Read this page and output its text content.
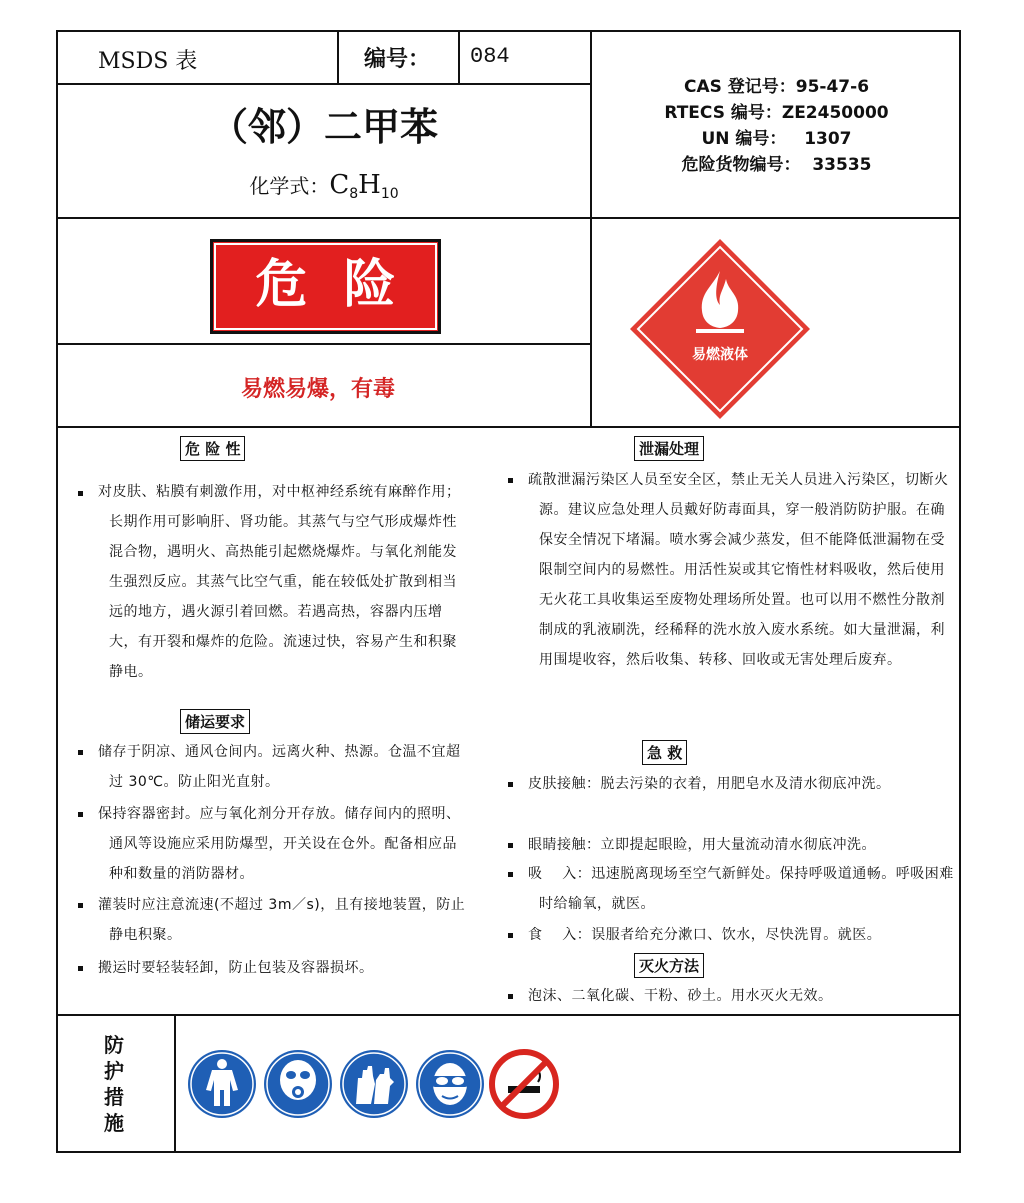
MSDS 表	编号： 084
（邻）二甲苯
化学式：$C_8H_{10}$
CAS 登记号：95-47-6
RTECS 编号：ZE2450000
UN 编号：   1307
危险货物编号：  33535
危  险
易燃易爆，有毒
易燃液体
危 险 性
对皮肤、粘膜有刺激作用，对中枢神经系统有麻醉作用；长期作用可影响肝、肾功能。其蒸气与空气形成爆炸性混合物，遇明火、高热能引起燃烧爆炸。与氧化剂能发生强烈反应。其蒸气比空气重，能在较低处扩散到相当远的地方，遇火源引着回燃。若遇高热，容器内压增大，有开裂和爆炸的危险。流速过快，容易产生和积聚静电。
储运要求
储存于阴凉、通风仓间内。远离火种、热源。仓温不宜超过 30℃。防止阳光直射。
保持容器密封。应与氧化剂分开存放。储存间内的照明、通风等设施应采用防爆型，开关设在仓外。配备相应品种和数量的消防器材。
灌装时应注意流速(不超过 3m／s)，且有接地装置，防止静电积聚。
搬运时要轻装轻卸，防止包装及容器损坏。
泄漏处理
疏散泄漏污染区人员至安全区，禁止无关人员进入污染区，切断火源。建议应急处理人员戴好防毒面具，穿一般消防防护服。在确保安全情况下堵漏。喷水雾会减少蒸发，但不能降低泄漏物在受限制空间内的易燃性。用活性炭或其它惰性材料吸收，然后使用无火花工具收集运至废物处理场所处置。也可以用不燃性分散剂制成的乳液刷洗，经稀释的洗水放入废水系统。如大量泄漏，利用围堤收容，然后收集、转移、回收或无害处理后废弃。
急 救
皮肤接触：脱去污染的衣着，用肥皂水及清水彻底冲洗。
眼睛接触：立即提起眼睑，用大量流动清水彻底冲洗。
吸    入：迅速脱离现场至空气新鲜处。保持呼吸道通畅。呼吸困难时给输氧，就医。
食    入：误服者给充分漱口、饮水，尽快洗胃。就医。
灭火方法
泡沫、二氧化碳、干粉、砂土。用水灭火无效。
防
护
措
施
